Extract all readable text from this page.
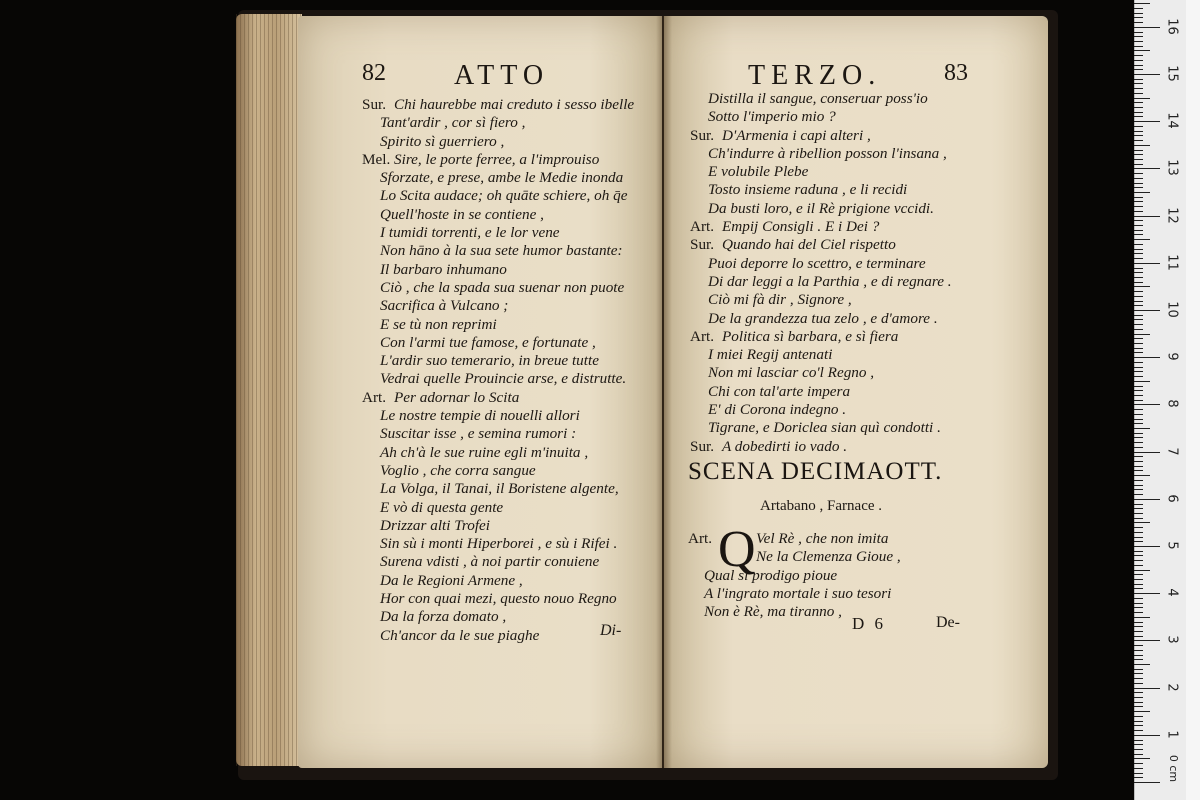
82 ATTO	TERZO.	83
Sur. Chi haurebbe mai creduto i sesso ibelle
Tant'ardir , cor sì fiero ,
Spirito sì guerriero ,
Mel. Sire, le porte ferree, a l'improuiso
Sforzate, e prese, ambe le Medie inonda
Lo Scita audace; oh quāte schiere, oh q̄e
Quell'hoste in se contiene ,
I tumidi torrenti, e le lor vene
Non hāno à la sua sete humor bastante:
Il barbaro inhumano
Ciò , che la spada sua suenar non puote
Sacrifica à Vulcano ;
E se tù non reprimi
Con l'armi tue famose, e fortunate ,
L'ardir suo temerario, in breue tutte
Vedrai quelle Prouincie arse, e distrutte.
Art. Per adornar lo Scita
Le nostre tempie di nouelli allori
Suscitar isse , e semina rumori :
Ah ch'à le sue ruine egli m'inuita ,
Voglio , che corra sangue
La Volga, il Tanai, il Boristene algente,
E vò di questa gente
Drizzar alti Trofei
Sin sù i monti Hiperborei , e sù i Rifei .
Surena vdisti , à noi partir conuiene
Da le Regioni Armene ,
Hor con quai mezi, questo nouo Regno
Da la forza domato ,
Ch'ancor da le sue piaghe	Di-
Distilla il sangue, conseruar poss'io
Sotto l'imperio mio ?
Sur. D'Armenia i capi alteri ,
Ch'indurre à ribellion posson l'insana ,
E volubile Plebe
Tosto insieme raduna , e li recidi
Da busti loro, e il Rè prigione vccidi.
Art. Empij Consigli . E i Dei ?
Sur. Quando hai del Ciel rispetto
Puoi deporre lo scettro, e terminare
Di dar leggi a la Parthia , e di regnare .
Ciò mi fà dir , Signore ,
De la grandezza tua zelo , e d'amore .
Art. Politica sì barbara, e sì fiera
I miei Regij antenati
Non mi lasciar co'l Regno ,
Chi con tal'arte impera
E' di Corona indegno .
Tigrane, e Doriclea sian quì condotti .
Sur. A dobedirti io vado .
SCENA DECIMAOTT.
Artabano , Farnace .
Art. Q Vel Rè , che non imita
Ne la Clemenza Gioue ,
Qual si prodigo pioue
A l'ingrato mortale i suo tesori
Non è Rè, ma tiranno ,
D 6	De-
0 cm
1
2
3
4
5
6
7
8
9
10
11
12
13
14
15
16
